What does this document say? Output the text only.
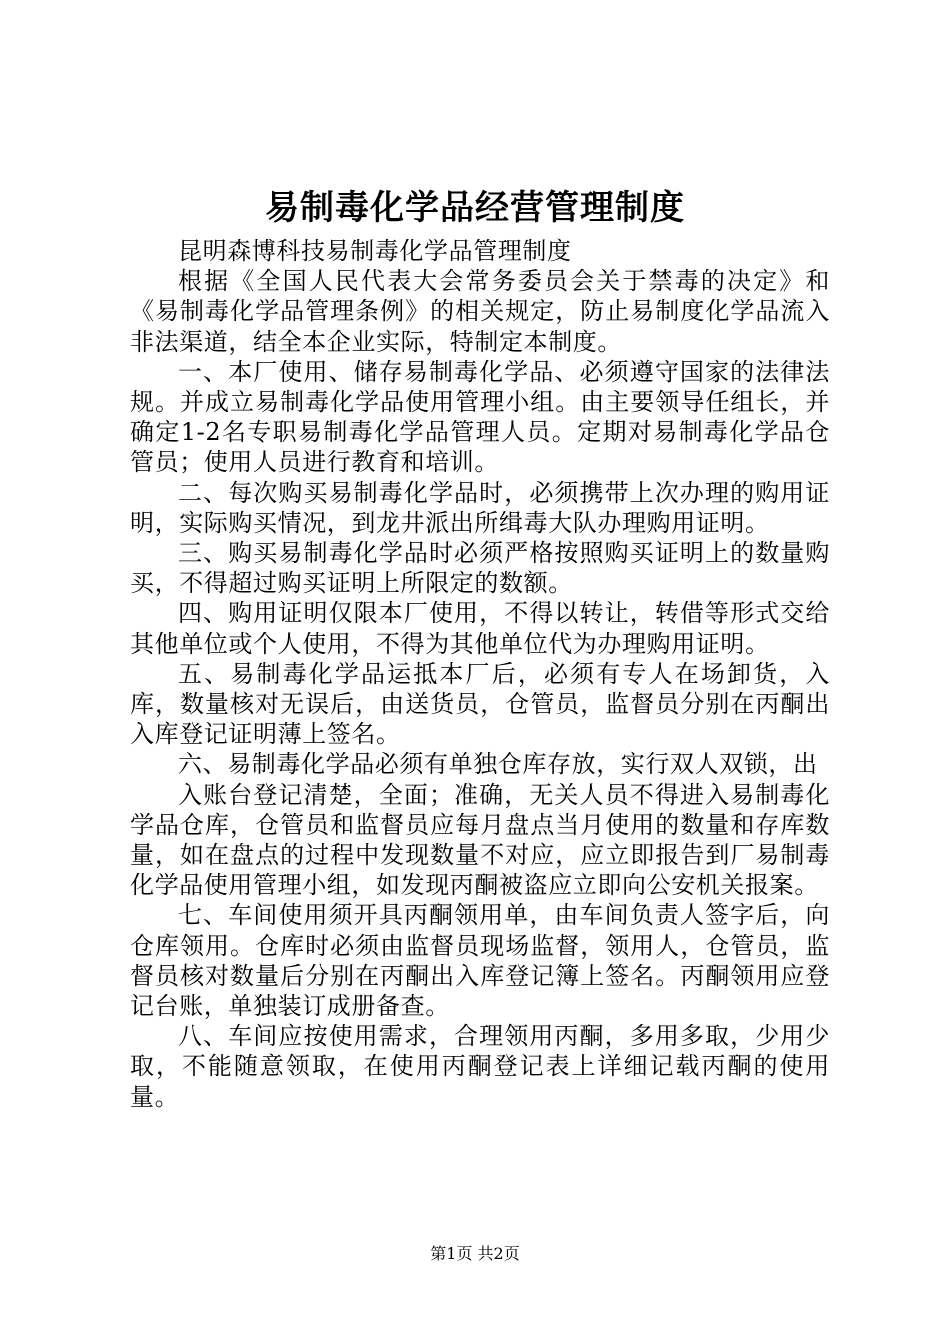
易制毒化学品经营管理制度

昆明森博科技易制毒化学品管理制度

根据《全国人民代表大会常务委员会关于禁毒的决定》和《易制毒化学品管理条例》的相关规定，防止易制度化学品流入非法渠道，结全本企业实际，特制定本制度。

一、本厂使用、储存易制毒化学品、必须遵守国家的法律法规。并成立易制毒化学品使用管理小组。由主要领导任组长，并确定1-2名专职易制毒化学品管理人员。定期对易制毒化学品仓管员；使用人员进行教育和培训。

二、每次购买易制毒化学品时，必须携带上次办理的购用证明，实际购买情况，到龙井派出所缉毒大队办理购用证明。

三、购买易制毒化学品时必须严格按照购买证明上的数量购买，不得超过购买证明上所限定的数额。

四、购用证明仅限本厂使用，不得以转让，转借等形式交给其他单位或个人使用，不得为其他单位代为办理购用证明。

五、易制毒化学品运抵本厂后，必须有专人在场卸货，入库，数量核对无误后，由送货员，仓管员，监督员分别在丙酮出入库登记证明薄上签名。

六、易制毒化学品必须有单独仓库存放，实行双人双锁，出

入账台登记清楚，全面；准确，无关人员不得进入易制毒化学品仓库，仓管员和监督员应每月盘点当月使用的数量和存库数量，如在盘点的过程中发现数量不对应，应立即报告到厂易制毒化学品使用管理小组，如发现丙酮被盗应立即向公安机关报案。

七、车间使用须开具丙酮领用单，由车间负责人签字后，向仓库领用。仓库时必须由监督员现场监督，领用人，仓管员，监督员核对数量后分别在丙酮出入库登记簿上签名。丙酮领用应登记台账，单独装订成册备查。

八、车间应按使用需求，合理领用丙酮，多用多取，少用少取，不能随意领取，在使用丙酮登记表上详细记载丙酮的使用量。

第1页 共2页
